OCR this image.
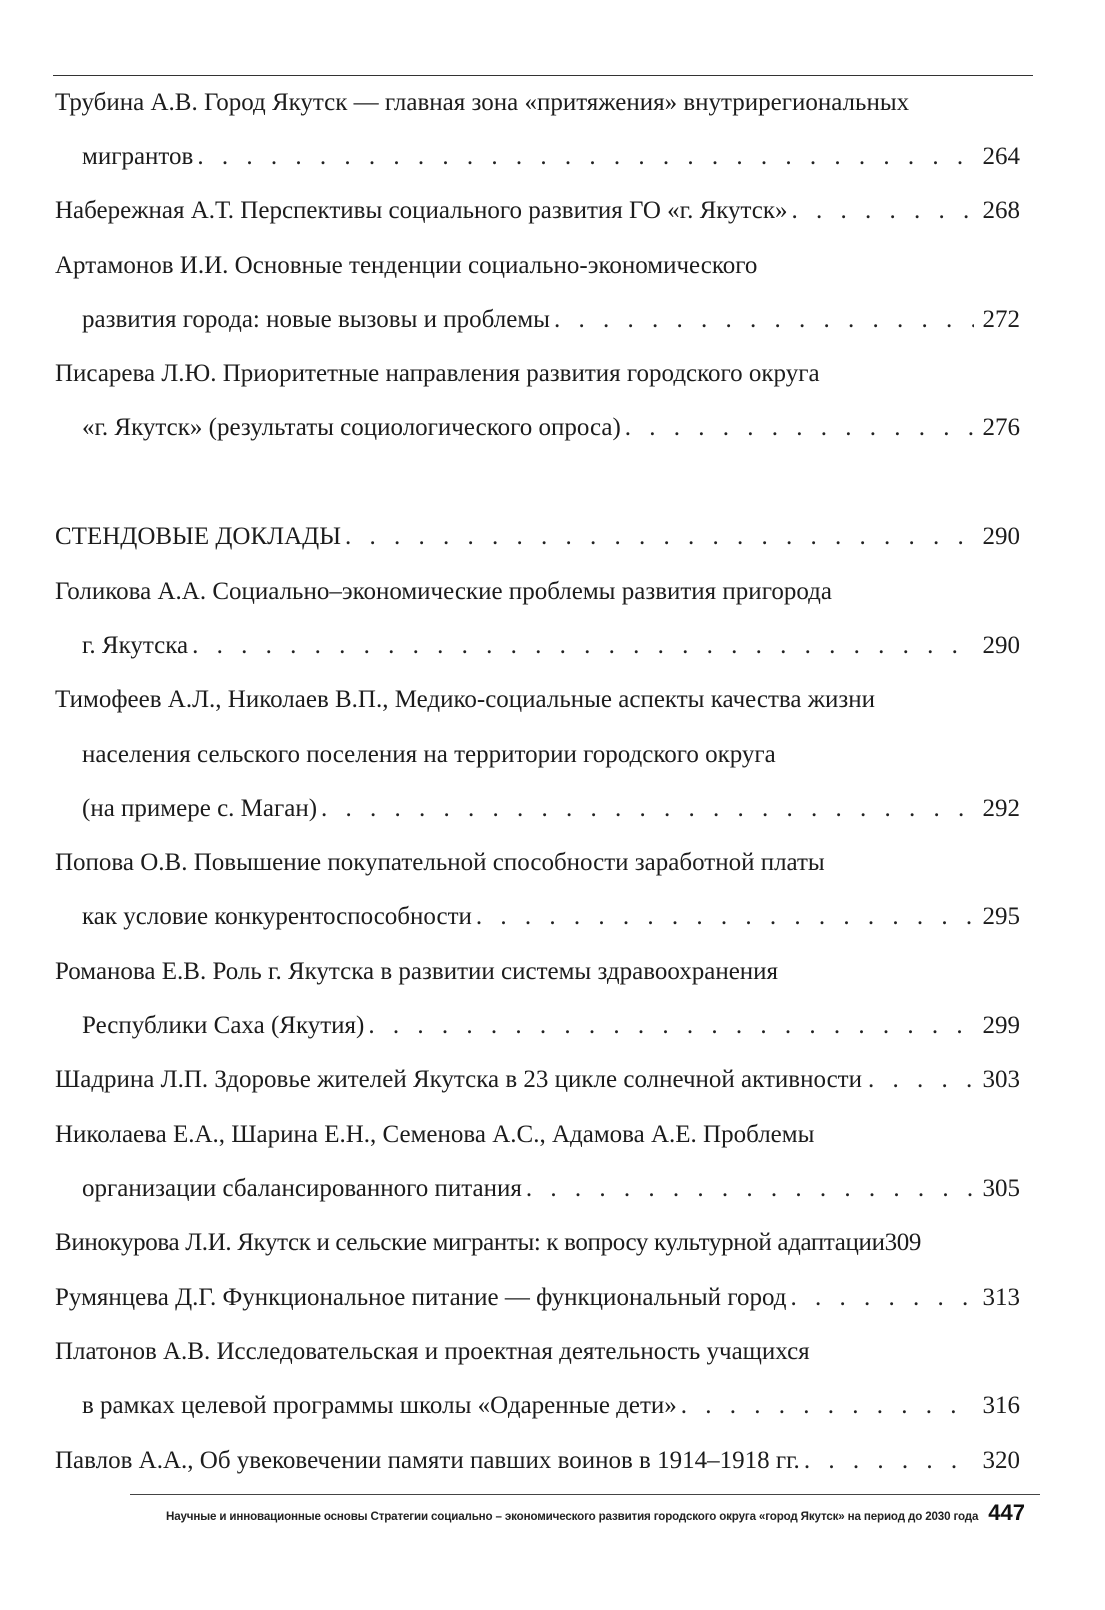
Трубина А.В. Город Якутск — главная зона «притяжения» внутрирегиональных
мигрантов . . .	264
Набережная А.Т. Перспективы социального развития ГО «г. Якутск» . . .	268
Артамонов И.И. Основные тенденции социально-экономического
развития города: новые вызовы и проблемы . . .	272
Писарева Л.Ю. Приоритетные направления развития городского округа
«г. Якутск» (результаты социологического опроса) . . .	276
СТЕНДОВЫЕ ДОКЛАДЫ . . .	290
Голикова А.А. Социально–экономические проблемы развития пригорода
г. Якутска . . .	290
Тимофеев А.Л., Николаев В.П., Медико-социальные аспекты качества жизни
населения сельского поселения на территории городского округа
(на примере с. Маган) . . .	292
Попова О.В. Повышение покупательной способности заработной платы
как условие конкурентоспособности . . .	295
Романова Е.В. Роль г. Якутска в развитии системы здравоохранения
Республики Саха (Якутия) . . .	299
Шадрина Л.П. Здоровье жителей Якутска в 23 цикле солнечной активности . . .	303
Николаева Е.А., Шарина Е.Н., Семенова А.С., Адамова А.Е. Проблемы
организации сбалансированного питания . . .	305
Винокурова Л.И. Якутск и сельские мигранты: к вопросу культурной адаптации 309
Румянцева Д.Г. Функциональное питание — функциональный город . . .	313
Платонов А.В. Исследовательская и проектная деятельность учащихся
в рамках целевой программы школы «Одаренные дети» . . .	316
Павлов А.А., Об увековечении памяти павших воинов в 1914–1918 гг. . . .	320
Научные и инновационные основы Стратегии социально – экономического развития городского округа «город Якутск» на период до 2030 года 447
